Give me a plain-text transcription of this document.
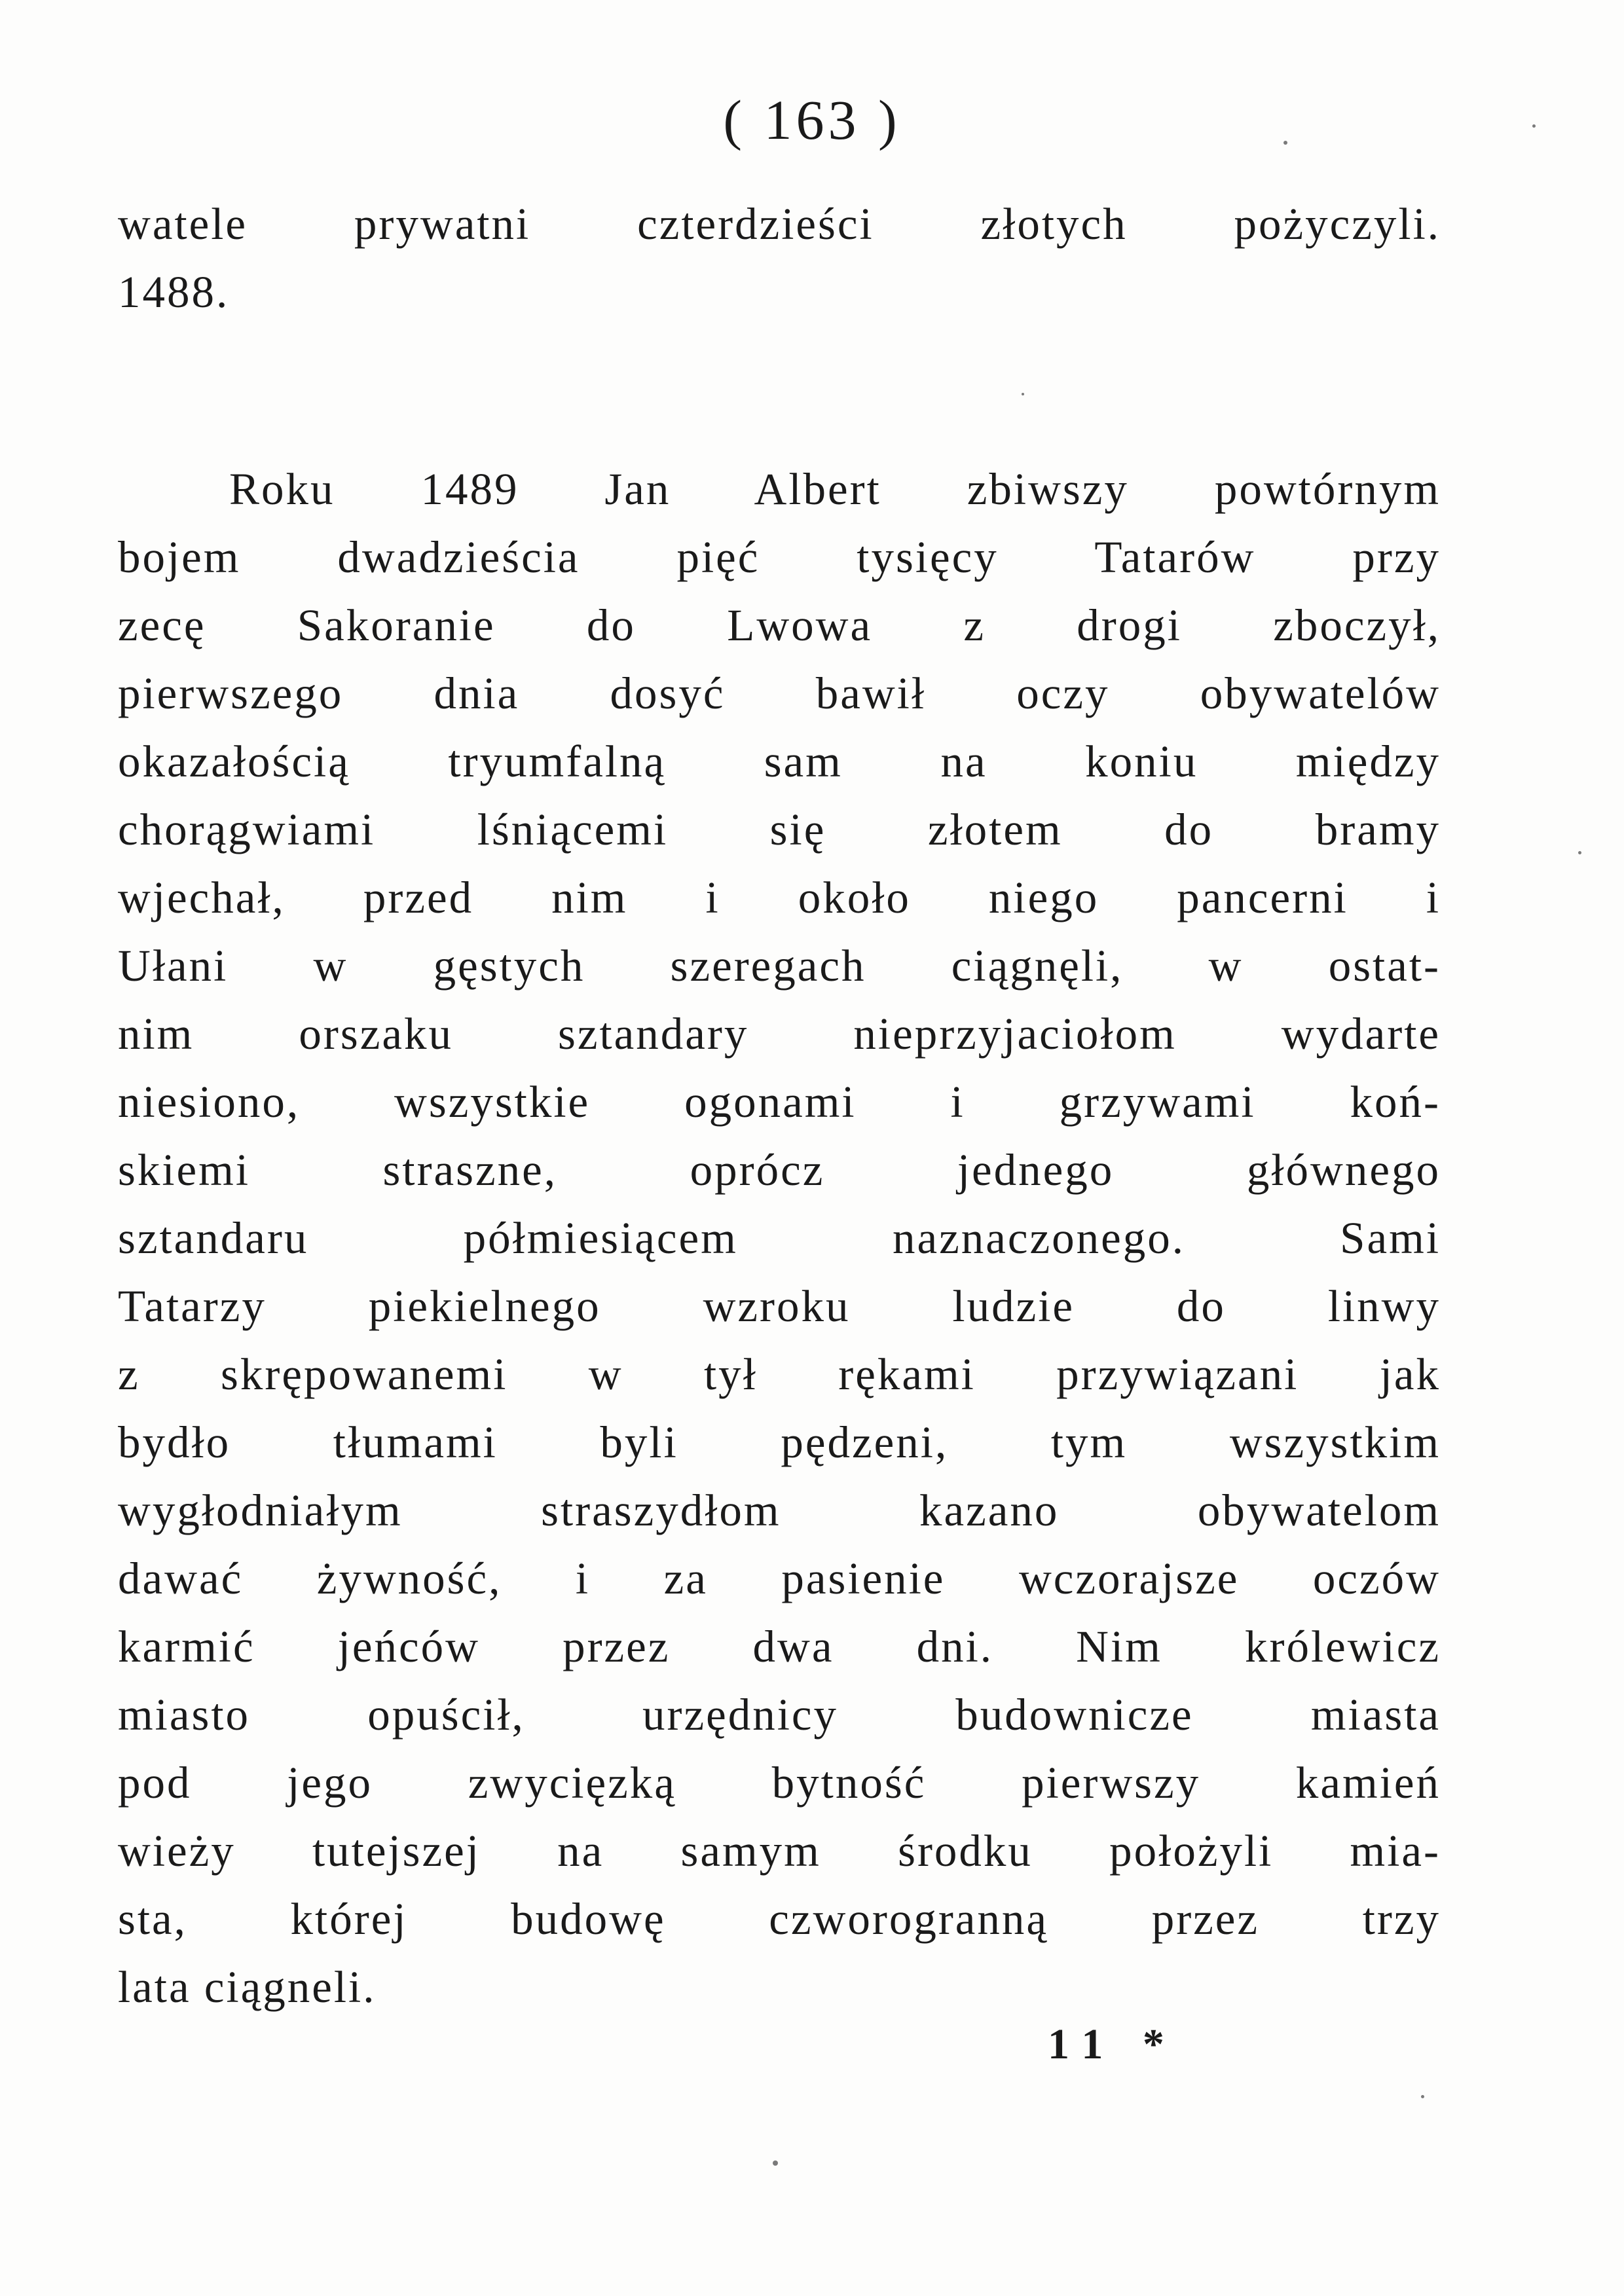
( 163 )
watele prywatni czterdzieści złotych pożyczyli.
1488.
Roku 1489 Jan Albert zbiwszy powtórnym
bojem dwadzieścia pięć tysięcy Tatarów przy
zecę Sakoranie do Lwowa z drogi zboczył,
pierwszego dnia dosyć bawił oczy obywatelów
okazałością tryumfalną sam na koniu między
chorągwiami lśniącemi się złotem do bramy
wjechał, przed nim i około niego pancerni i
Ułani w gęstych szeregach ciągnęli, w ostat-
nim orszaku sztandary nieprzyjaciołom wydarte
niesiono, wszystkie ogonami i grzywami koń-
skiemi straszne, oprócz jednego głównego
sztandaru półmiesiącem naznaczonego. Sami
Tatarzy piekielnego wzroku ludzie do linwy
z skrępowanemi w tył rękami przywiązani jak
bydło tłumami byli pędzeni, tym wszystkim
wygłodniałym straszydłom kazano obywatelom
dawać żywność, i za pasienie wczorajsze oczów
karmić jeńców przez dwa dni. Nim królewicz
miasto opuścił, urzędnicy budownicze miasta
pod jego zwycięzką bytność pierwszy kamień
wieży tutejszej na samym środku położyli mia-
sta, której budowę czworogranną przez trzy
lata ciągneli.
11 *
